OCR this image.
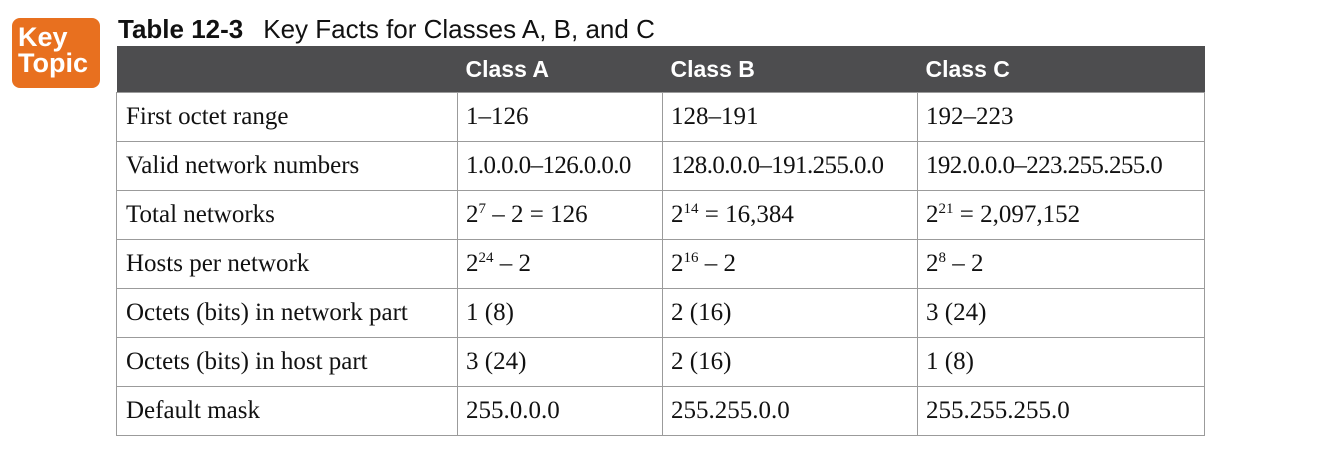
Key
Topic
Table 12-3 Key Facts for Classes A, B, and C
	Class A	Class B	Class C
First octet range	1–126	128–191	192–223
Valid network numbers	1.0.0.0–126.0.0.0	128.0.0.0–191.255.0.0	192.0.0.0–223.255.255.0
Total networks	$2^7 - 2 = 126$	$2^{14} = 16,384$	$2^{21} = 2,097,152$
Hosts per network	$2^{24} - 2$	$2^{16} - 2$	$2^8 - 2$
Octets (bits) in network part	1 (8)	2 (16)	3 (24)
Octets (bits) in host part	3 (24)	2 (16)	1 (8)
Default mask	255.0.0.0	255.255.0.0	255.255.255.0
